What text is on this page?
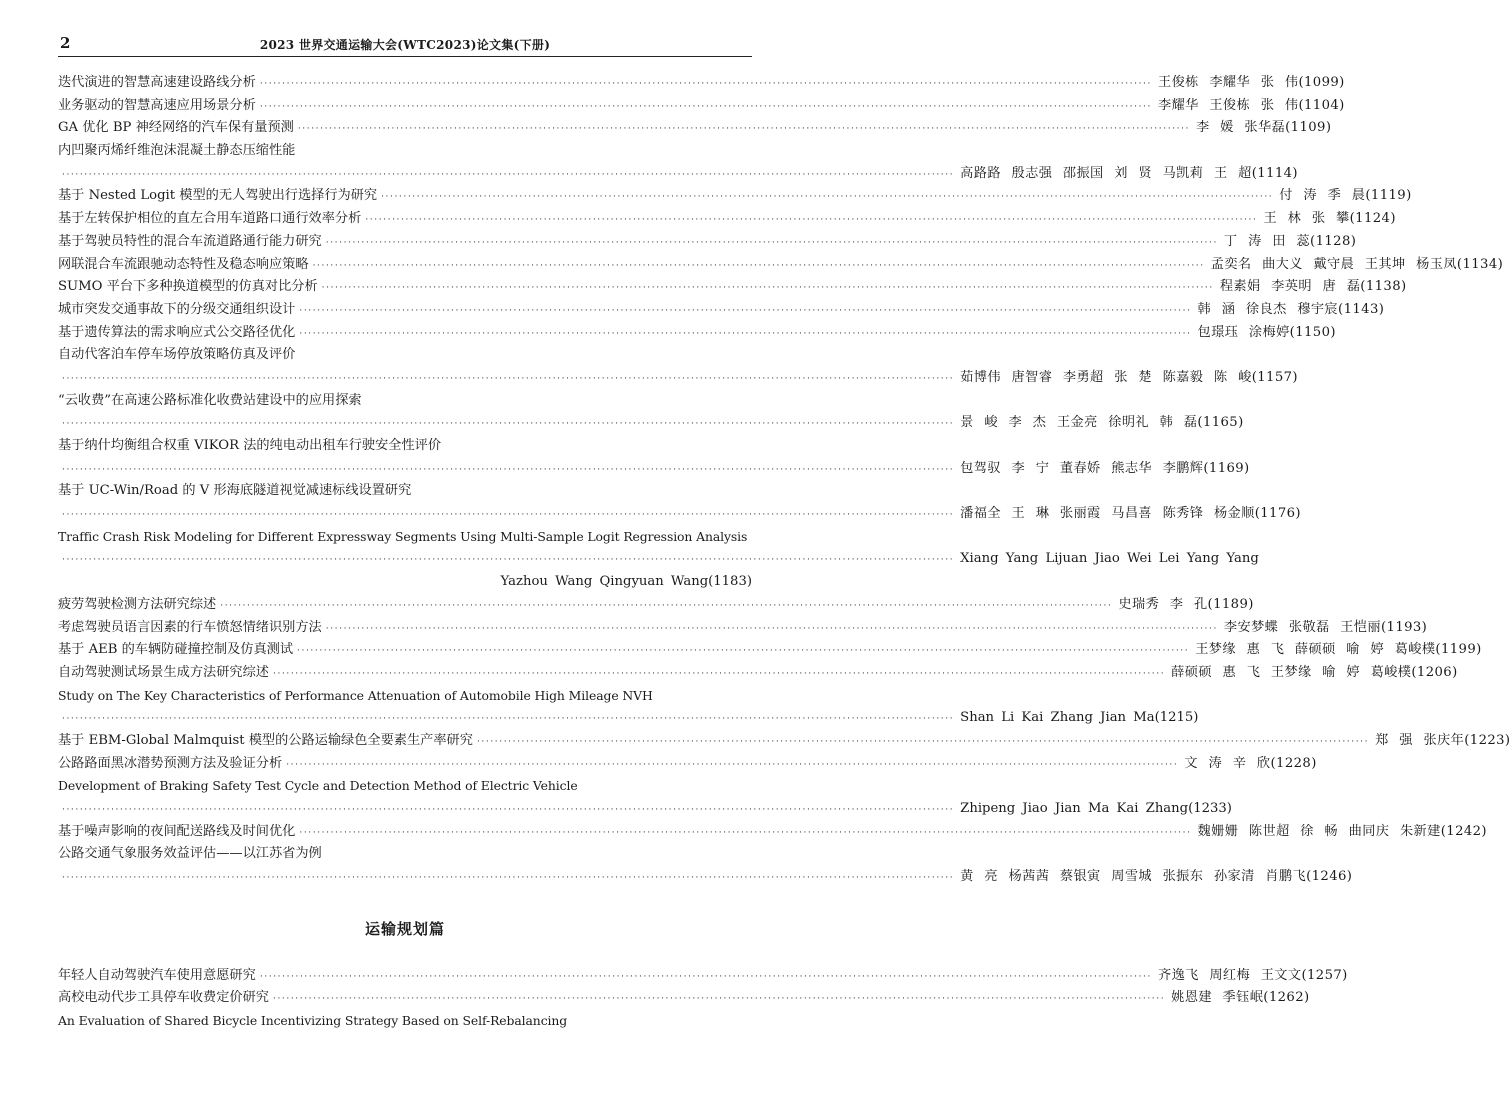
2	2023 世界交通运输大会(WTC2023)论文集(下册)
迭代演进的智慧高速建设路线分析 ········································································································································································································ 王俊栋 李耀华 张 伟(1099)
业务驱动的智慧高速应用场景分析 ········································································································································································································ 李耀华 王俊栋 张 伟(1104)
GA 优化 BP 神经网络的汽车保有量预测 ········································································································································································································ 李 媛 张华磊(1109)
内凹聚丙烯纤维泡沫混凝土静态压缩性能
········································································································································································································ 高路路 殷志强 邵振国 刘 贤 马凯莉 王 超(1114)
基于 Nested Logit 模型的无人驾驶出行选择行为研究 ········································································································································································································ 付 涛 季 晨(1119)
基于左转保护相位的直左合用车道路口通行效率分析 ········································································································································································································ 王 林 张 攀(1124)
基于驾驶员特性的混合车流道路通行能力研究 ········································································································································································································ 丁 涛 田 蕊(1128)
网联混合车流跟驰动态特性及稳态响应策略 ········································································································································································································ 孟奕名 曲大义 戴守晨 王其坤 杨玉凤(1134)
SUMO 平台下多种换道模型的仿真对比分析 ········································································································································································································ 程素娟 李英明 唐 磊(1138)
城市突发交通事故下的分级交通组织设计 ········································································································································································································ 韩 涵 徐良杰 穆宇宸(1143)
基于遗传算法的需求响应式公交路径优化 ········································································································································································································ 包璟珏 涂梅婷(1150)
自动代客泊车停车场停放策略仿真及评价
········································································································································································································ 茹博伟 唐智睿 李勇超 张 楚 陈嘉毅 陈 峻(1157)
“云收费”在高速公路标准化收费站建设中的应用探索
········································································································································································································ 景 峻 李 杰 王金亮 徐明礼 韩 磊(1165)
基于纳什均衡组合权重 VIKOR 法的纯电动出租车行驶安全性评价
········································································································································································································ 包驾驭 李 宁 董春娇 熊志华 李鹏辉(1169)
基于 UC-Win/Road 的 V 形海底隧道视觉减速标线设置研究
········································································································································································································ 潘福全 王 琳 张丽霞 马昌喜 陈秀锋 杨金顺(1176)
Traffic Crash Risk Modeling for Different Expressway Segments Using Multi-Sample Logit Regression Analysis
········································································································································································································ Xiang Yang Lijuan Jiao Wei Lei Yang Yang
Yazhou Wang Qingyuan Wang(1183)
疲劳驾驶检测方法研究综述 ········································································································································································································ 史瑞秀 李 孔(1189)
考虑驾驶员语言因素的行车愤怒情绪识别方法 ········································································································································································································ 李安梦蝶 张敬磊 王恺丽(1193)
基于 AEB 的车辆防碰撞控制及仿真测试 ········································································································································································································ 王梦缘 惠 飞 薛硕硕 喻 婷 葛峻樸(1199)
自动驾驶测试场景生成方法研究综述 ········································································································································································································ 薛硕硕 惠 飞 王梦缘 喻 婷 葛峻樸(1206)
Study on The Key Characteristics of Performance Attenuation of Automobile High Mileage NVH
········································································································································································································ Shan Li Kai Zhang Jian Ma(1215)
基于 EBM-Global Malmquist 模型的公路运输绿色全要素生产率研究 ········································································································································································································ 郑 强 张庆年(1223)
公路路面黑冰潜势预测方法及验证分析 ········································································································································································································ 文 涛 辛 欣(1228)
Development of Braking Safety Test Cycle and Detection Method of Electric Vehicle
········································································································································································································ Zhipeng Jiao Jian Ma Kai Zhang(1233)
基于噪声影响的夜间配送路线及时间优化 ········································································································································································································ 魏姗姗 陈世超 徐 畅 曲同庆 朱新建(1242)
公路交通气象服务效益评估——以江苏省为例
········································································································································································································ 黄 亮 杨茜茜 蔡银寅 周雪城 张振东 孙家清 肖鹏飞(1246)
运输规划篇
年轻人自动驾驶汽车使用意愿研究 ········································································································································································································ 齐逸飞 周红梅 王文文(1257)
高校电动代步工具停车收费定价研究 ········································································································································································································ 姚恩建 季钰岷(1262)
An Evaluation of Shared Bicycle Incentivizing Strategy Based on Self-Rebalancing
